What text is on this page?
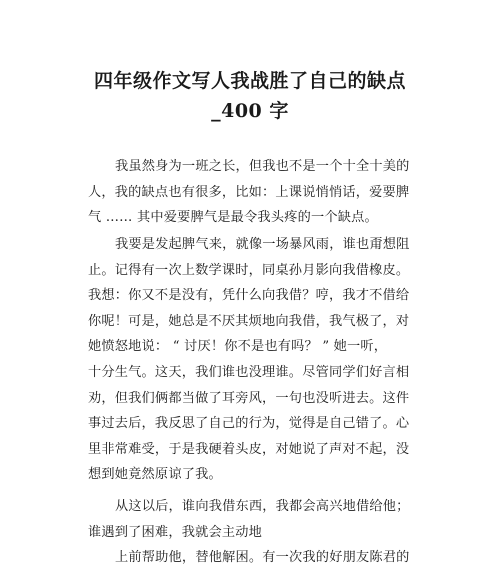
四年级作文写人我战胜了自己的缺点
_400 字
我虽然身为一班之长，但我也不是一个十全十美的
人，我的缺点也有很多，比如：上课说悄悄话，爱要脾
气 …… 其中爱要脾气是最令我头疼的一个缺点。
我要是发起脾气来，就像一场暴风雨，谁也甭想阻
止。记得有一次上数学课时，同桌孙月影向我借橡皮。
我想：你又不是没有，凭什么向我借？哼，我才不借给
你呢！可是，她总是不厌其烦地向我借，我气极了，对
她愤怒地说： “ 讨厌！你不是也有吗？ ” 她一听，
十分生气。这天，我们谁也没理谁。尽管同学们好言相
劝，但我们俩都当做了耳旁风，一句也没听进去。这件
事过去后，我反思了自己的行为，觉得是自己错了。心
里非常难受，于是我硬着头皮，对她说了声对不起，没
想到她竟然原谅了我。
从这以后，谁向我借东西，我都会高兴地借给他；
谁遇到了困难，我就会主动地
上前帮助他，替他解困。有一次我的好朋友陈君的
